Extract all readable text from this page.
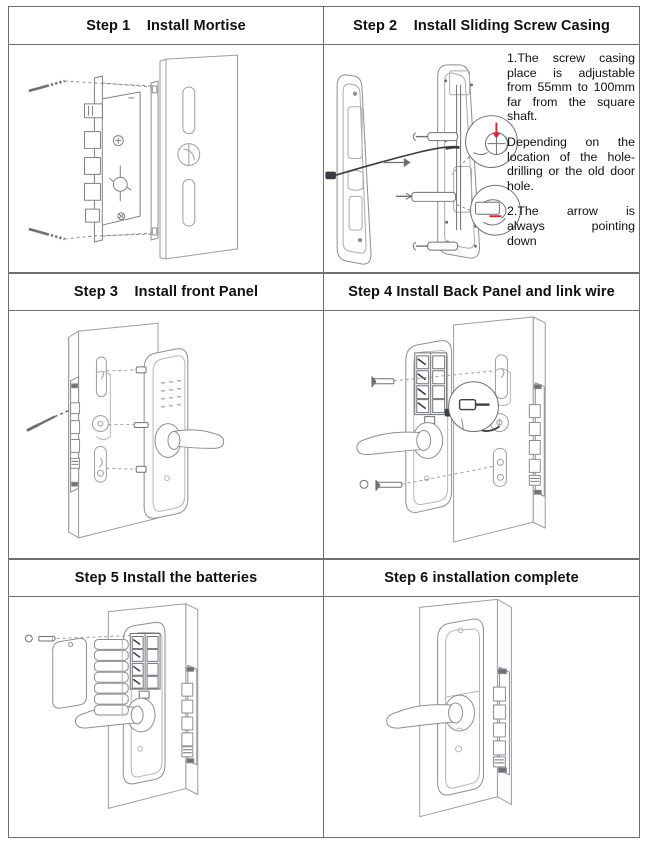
Step 1    Install Mortise	Step 2    Install Sliding Screw Casing

1.The screw casing place is adjustable from 55mm to 100mm far from the square shaft.

Depending on the location of the hole-drilling or the old door hole.

2.The arrow is
always	pointing
down

Step 3    Install front Panel	Step 4 Install Back Panel and link wire
Step 5 Install the batteries	Step 6 installation complete
